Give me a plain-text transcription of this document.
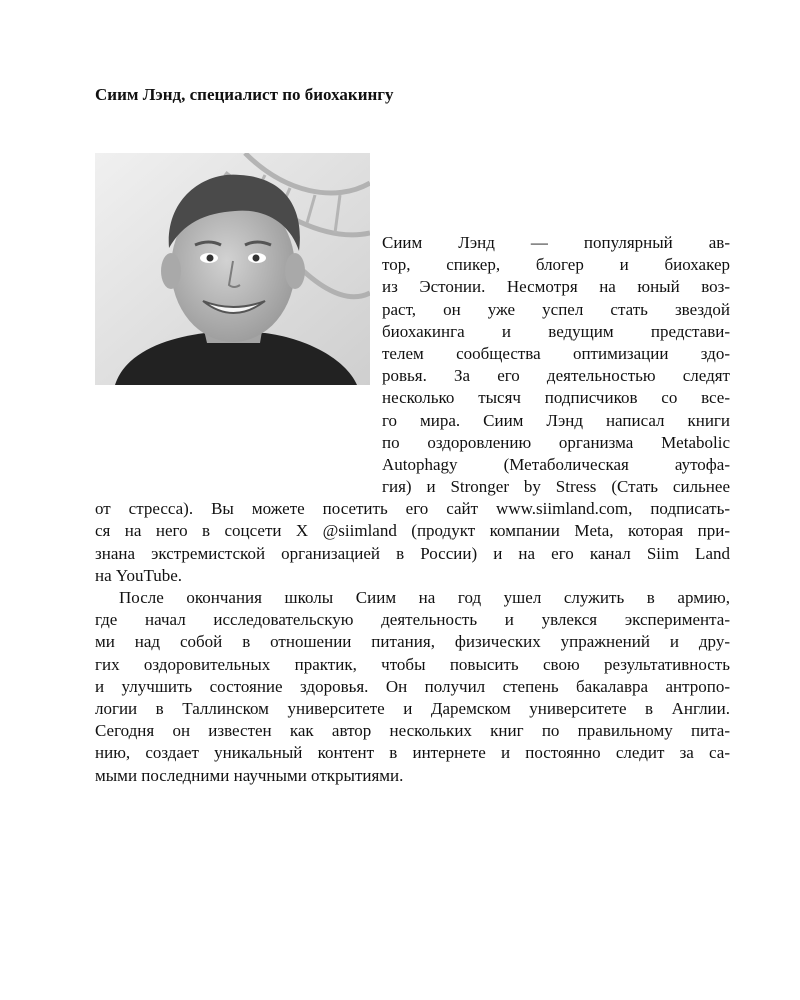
Сиим Лэнд, специалист по биохакингу
Сиим Лэнд — популярный ав-
тор, спикер, блогер и биохакер
из Эстонии. Несмотря на юный воз-
раст, он уже успел стать звездой
биохакинга и ведущим представи-
телем сообщества оптимизации здо-
ровья. За его деятельностью следят
несколько тысяч подписчиков со все-
го мира. Сиим Лэнд написал книги
по оздоровлению организма Metabolic
Autophagy (Метаболическая аутофа-
гия) и Stronger by Stress (Стать сильнее
от стресса). Вы можете посетить его сайт www.siimland.com, подписать-
ся на него в соцсети X @siimland (продукт компании Meta, которая при-
знана экстремистской организацией в России) и на его канал Siim Land
на YouTube.
После окончания школы Сиим на год ушел служить в армию,
где начал исследовательскую деятельность и увлекся эксперимента-
ми над собой в отношении питания, физических упражнений и дру-
гих оздоровительных практик, чтобы повысить свою результативность
и улучшить состояние здоровья. Он получил степень бакалавра антропо-
логии в Таллинском университете и Даремском университете в Англии.
Сегодня он известен как автор нескольких книг по правильному пита-
нию, создает уникальный контент в интернете и постоянно следит за са-
мыми последними научными открытиями.
